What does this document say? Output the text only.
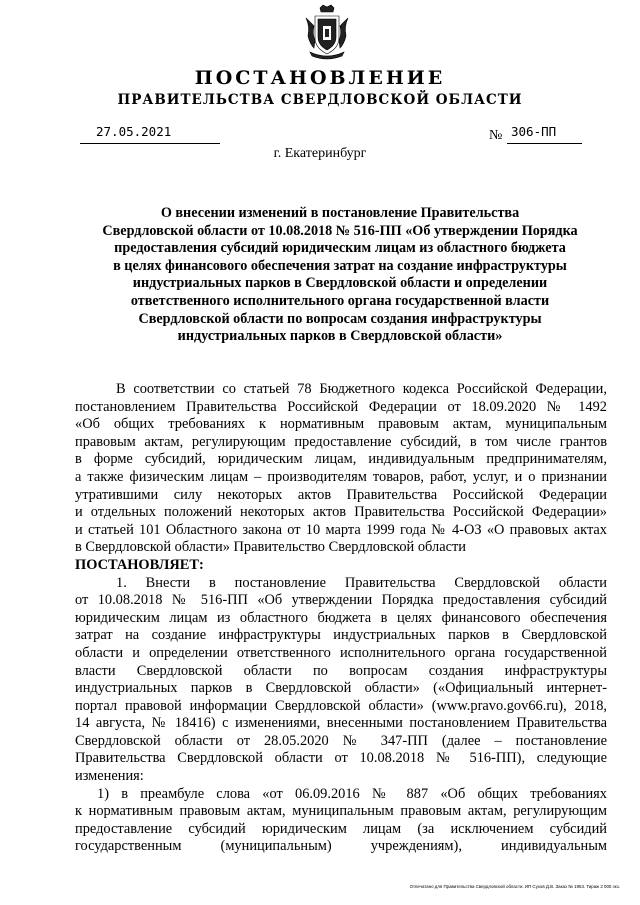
ПОСТАНОВЛЕНИЕ
ПРАВИТЕЛЬСТВА СВЕРДЛОВСКОЙ ОБЛАСТИ
27.05.2021	№ 306-ПП
г. Екатеринбург
О внесении изменений в постановление Правительства
Свердловской области от 10.08.2018 № 516-ПП «Об утверждении Порядка
предоставления субсидий юридическим лицам из областного бюджета
в целях финансового обеспечения затрат на создание инфраструктуры
индустриальных парков в Свердловской области и определении
ответственного исполнительного органа государственной власти
Свердловской области по вопросам создания инфраструктуры
индустриальных парков в Свердловской области»
В соответствии со статьей 78 Бюджетного кодекса Российской Федерации,
постановлением Правительства Российской Федерации от 18.09.2020 № 1492
«Об общих требованиях к нормативным правовым актам, муниципальным
правовым актам, регулирующим предоставление субсидий, в том числе грантов
в форме субсидий, юридическим лицам, индивидуальным предпринимателям,
а также физическим лицам – производителям товаров, работ, услуг, и о признании
утратившими силу некоторых актов Правительства Российской Федерации
и отдельных положений некоторых актов Правительства Российской Федерации»
и статьей 101 Областного закона от 10 марта 1999 года № 4-ОЗ «О правовых актах
в Свердловской области» Правительство Свердловской области
ПОСТАНОВЛЯЕТ:
1. Внести в постановление Правительства Свердловской области
от 10.08.2018 № 516-ПП «Об утверждении Порядка предоставления субсидий
юридическим лицам из областного бюджета в целях финансового обеспечения
затрат на создание инфраструктуры индустриальных парков в Свердловской
области и определении ответственного исполнительного органа государственной
власти Свердловской области по вопросам создания инфраструктуры
индустриальных парков в Свердловской области» («Официальный интернет-
портал правовой информации Свердловской области» (www.pravo.gov66.ru), 2018,
14 августа, № 18416) с изменениями, внесенными постановлением Правительства
Свердловской области от 28.05.2020 № 347-ПП (далее – постановление
Правительства Свердловской области от 10.08.2018 № 516-ПП), следующие
изменения:
1) в преамбуле слова «от 06.09.2016 № 887 «Об общих требованиях
к нормативным правовым актам, муниципальным правовым актам, регулирующим
предоставление субсидий юридическим лицам (за исключением субсидий
государственным (муниципальным) учреждениям), индивидуальным
Отпечатано для Правительства Свердловской области. ИП Сухов Д.В. Заказ № 1953. Тираж 2 000 экз.
